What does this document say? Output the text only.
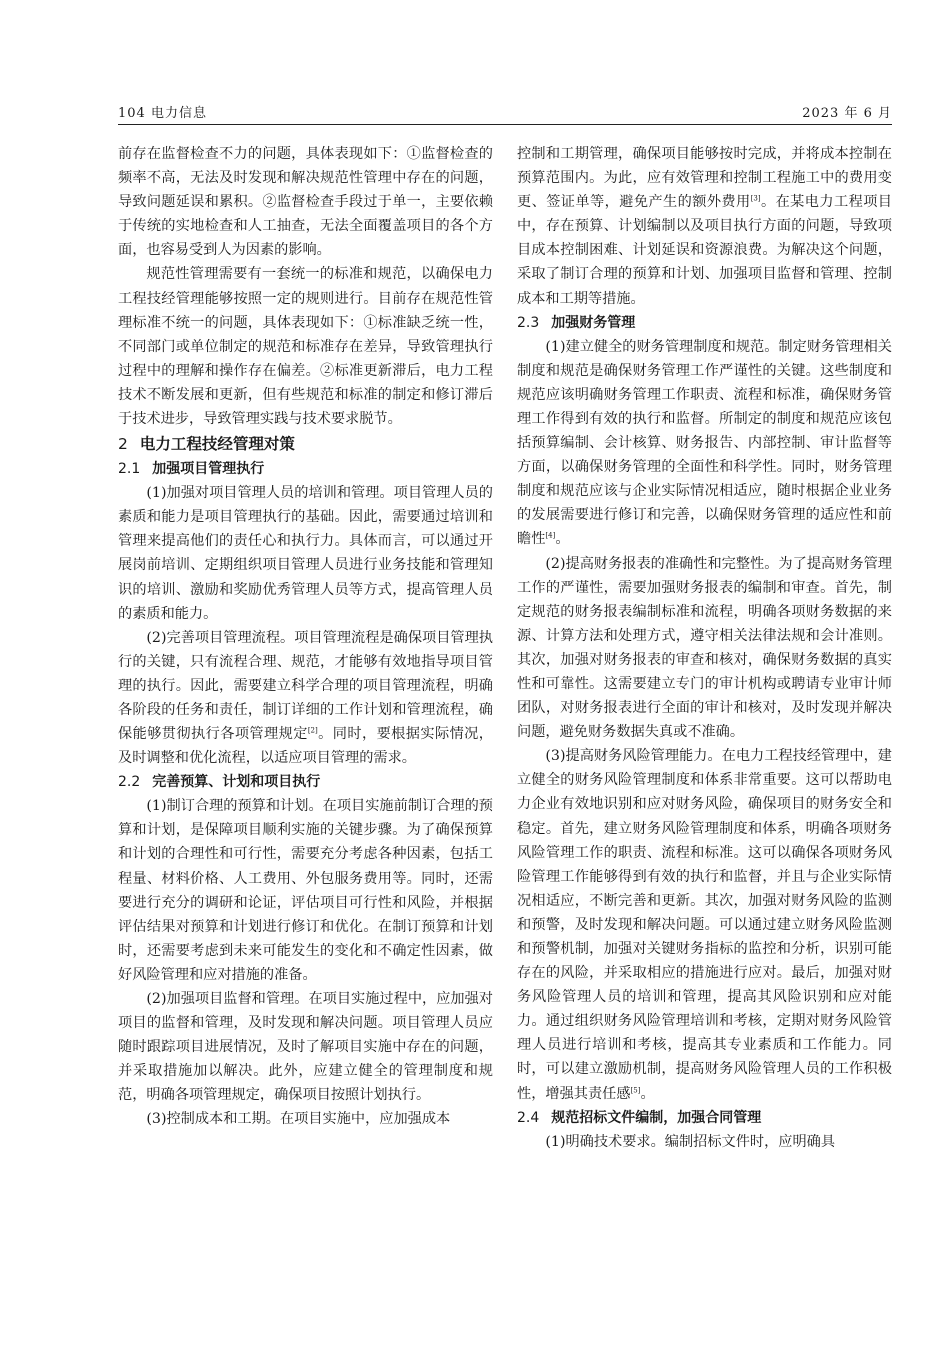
104 电力信息	2023 年 6 月

前存在监督检查不力的问题，具体表现如下：①监督检查的频率不高，无法及时发现和解决规范性管理中存在的问题，导致问题延误和累积。②监督检查手段过于单一，主要依赖于传统的实地检查和人工抽查，无法全面覆盖项目的各个方面，也容易受到人为因素的影响。

规范性管理需要有一套统一的标准和规范，以确保电力工程技经管理能够按照一定的规则进行。目前存在规范性管理标准不统一的问题，具体表现如下：①标准缺乏统一性，不同部门或单位制定的规范和标准存在差异，导致管理执行过程中的理解和操作存在偏差。②标准更新滞后，电力工程技术不断发展和更新，但有些规范和标准的制定和修订滞后于技术进步，导致管理实践与技术要求脱节。

2 电力工程技经管理对策
2.1 加强项目管理执行

(1)加强对项目管理人员的培训和管理。项目管理人员的素质和能力是项目管理执行的基础。因此，需要通过培训和管理来提高他们的责任心和执行力。具体而言，可以通过开展岗前培训、定期组织项目管理人员进行业务技能和管理知识的培训、激励和奖励优秀管理人员等方式，提高管理人员的素质和能力。

(2)完善项目管理流程。项目管理流程是确保项目管理执行的关键，只有流程合理、规范，才能够有效地指导项目管理的执行。因此，需要建立科学合理的项目管理流程，明确各阶段的任务和责任，制订详细的工作计划和管理流程，确保能够贯彻执行各项管理规定[2]。同时，要根据实际情况，及时调整和优化流程，以适应项目管理的需求。

2.2 完善预算、计划和项目执行

(1)制订合理的预算和计划。在项目实施前制订合理的预算和计划，是保障项目顺利实施的关键步骤。为了确保预算和计划的合理性和可行性，需要充分考虑各种因素，包括工程量、材料价格、人工费用、外包服务费用等。同时，还需要进行充分的调研和论证，评估项目可行性和风险，并根据评估结果对预算和计划进行修订和优化。在制订预算和计划时，还需要考虑到未来可能发生的变化和不确定性因素，做好风险管理和应对措施的准备。

(2)加强项目监督和管理。在项目实施过程中，应加强对项目的监督和管理，及时发现和解决问题。项目管理人员应随时跟踪项目进展情况，及时了解项目实施中存在的问题，并采取措施加以解决。此外，应建立健全的管理制度和规范，明确各项管理规定，确保项目按照计划执行。

(3)控制成本和工期。在项目实施中，应加强成本

控制和工期管理，确保项目能够按时完成，并将成本控制在预算范围内。为此，应有效管理和控制工程施工中的费用变更、签证单等，避免产生的额外费用[3]。在某电力工程项目中，存在预算、计划编制以及项目执行方面的问题，导致项目成本控制困难、计划延误和资源浪费。为解决这个问题，采取了制订合理的预算和计划、加强项目监督和管理、控制成本和工期等措施。

2.3 加强财务管理

(1)建立健全的财务管理制度和规范。制定财务管理相关制度和规范是确保财务管理工作严谨性的关键。这些制度和规范应该明确财务管理工作职责、流程和标准，确保财务管理工作得到有效的执行和监督。所制定的制度和规范应该包括预算编制、会计核算、财务报告、内部控制、审计监督等方面，以确保财务管理的全面性和科学性。同时，财务管理制度和规范应该与企业实际情况相适应，随时根据企业业务的发展需要进行修订和完善，以确保财务管理的适应性和前瞻性[4]。

(2)提高财务报表的准确性和完整性。为了提高财务管理工作的严谨性，需要加强财务报表的编制和审查。首先，制定规范的财务报表编制标准和流程，明确各项财务数据的来源、计算方法和处理方式，遵守相关法律法规和会计准则。其次，加强对财务报表的审查和核对，确保财务数据的真实性和可靠性。这需要建立专门的审计机构或聘请专业审计师团队，对财务报表进行全面的审计和核对，及时发现并解决问题，避免财务数据失真或不准确。

(3)提高财务风险管理能力。在电力工程技经管理中，建立健全的财务风险管理制度和体系非常重要。这可以帮助电力企业有效地识别和应对财务风险，确保项目的财务安全和稳定。首先，建立财务风险管理制度和体系，明确各项财务风险管理工作的职责、流程和标准。这可以确保各项财务风险管理工作能够得到有效的执行和监督，并且与企业实际情况相适应，不断完善和更新。其次，加强对财务风险的监测和预警，及时发现和解决问题。可以通过建立财务风险监测和预警机制，加强对关键财务指标的监控和分析，识别可能存在的风险，并采取相应的措施进行应对。最后，加强对财务风险管理人员的培训和管理，提高其风险识别和应对能力。通过组织财务风险管理培训和考核，定期对财务风险管理人员进行培训和考核，提高其专业素质和工作能力。同时，可以建立激励机制，提高财务风险管理人员的工作积极性，增强其责任感[5]。

2.4 规范招标文件编制，加强合同管理

(1)明确技术要求。编制招标文件时，应明确具
